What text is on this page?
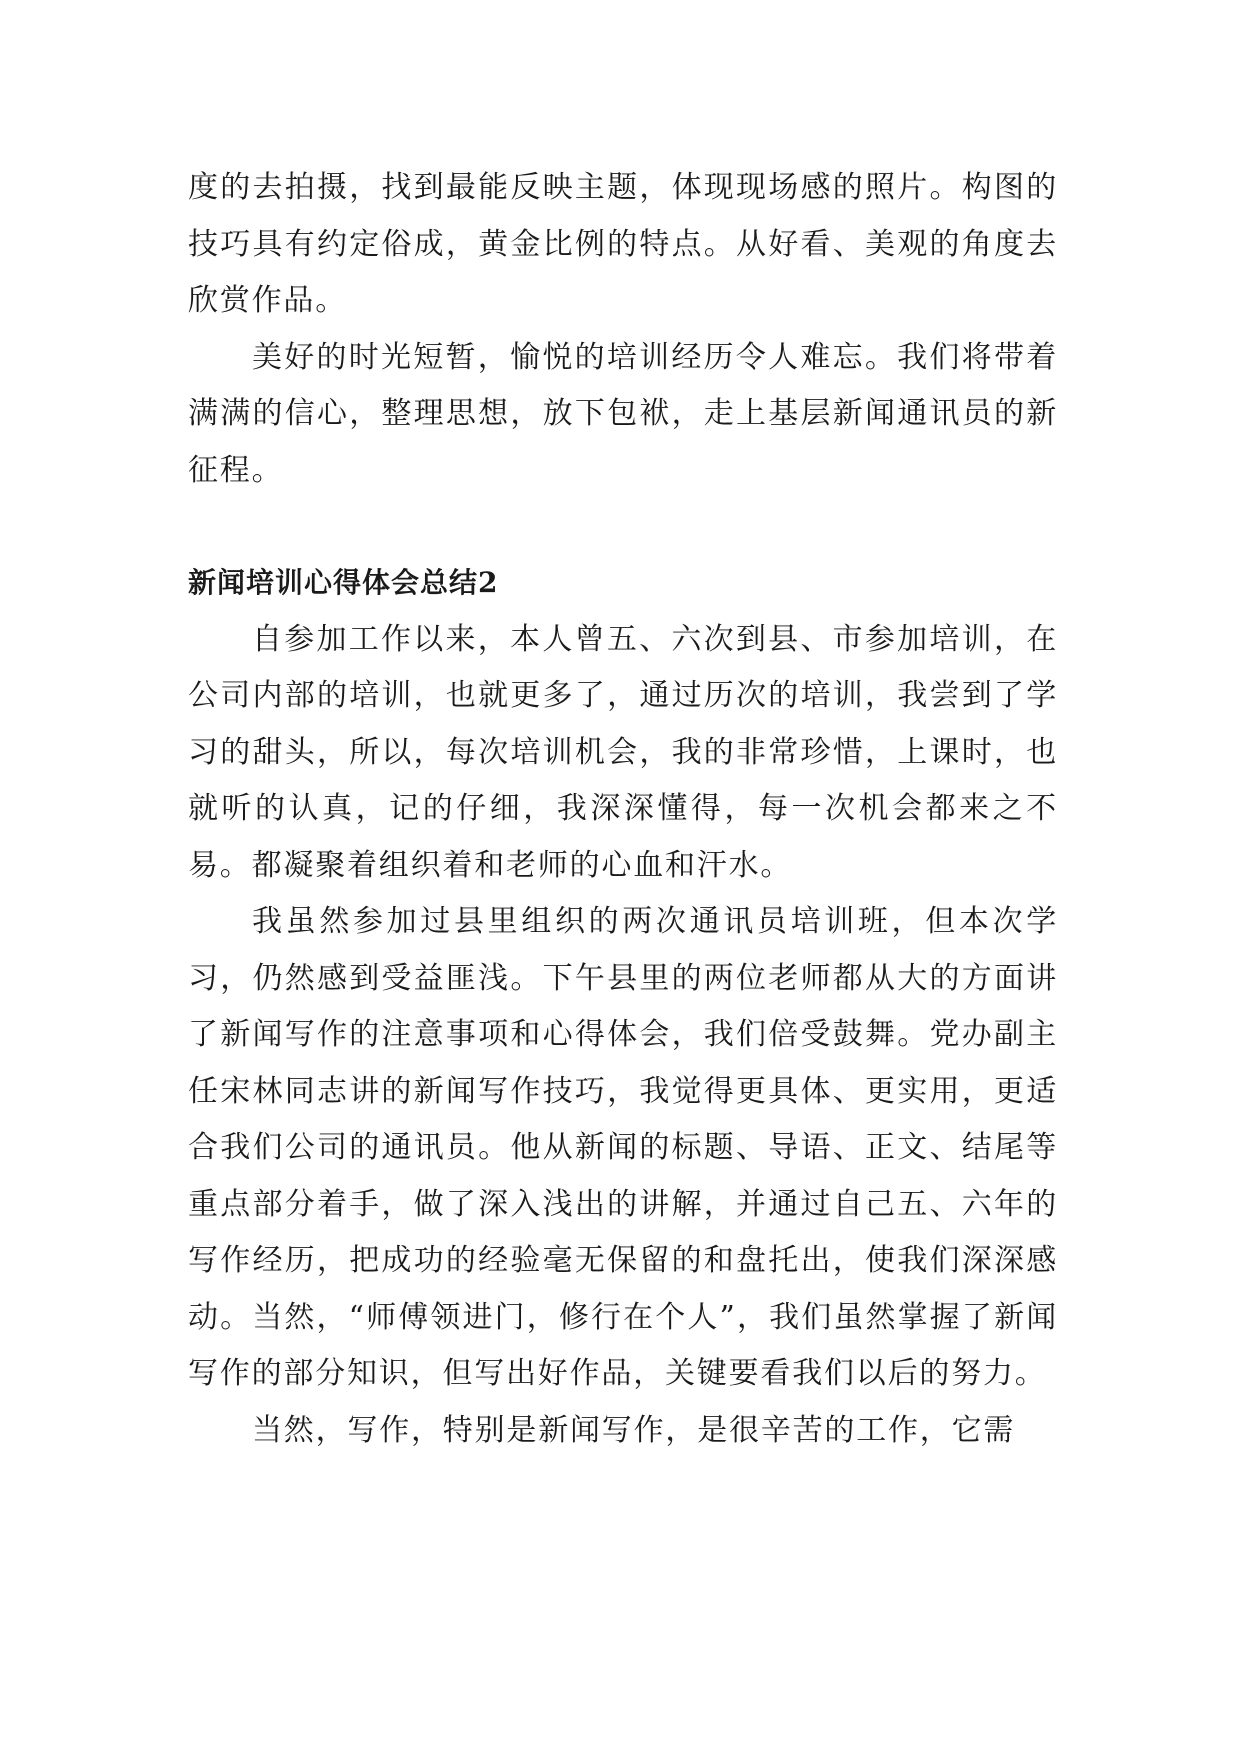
度的去拍摄，找到最能反映主题，体现现场感的照片。构图的技巧具有约定俗成，黄金比例的特点。从好看、美观的角度去欣赏作品。

美好的时光短暂，愉悦的培训经历令人难忘。我们将带着满满的信心，整理思想，放下包袱，走上基层新闻通讯员的新征程。

新闻培训心得体会总结2

自参加工作以来，本人曾五、六次到县、市参加培训，在公司内部的培训，也就更多了，通过历次的培训，我尝到了学习的甜头，所以，每次培训机会，我的非常珍惜，上课时，也就听的认真，记的仔细，我深深懂得，每一次机会都来之不易。都凝聚着组织着和老师的心血和汗水。

我虽然参加过县里组织的两次通讯员培训班，但本次学习，仍然感到受益匪浅。下午县里的两位老师都从大的方面讲了新闻写作的注意事项和心得体会，我们倍受鼓舞。党办副主任宋林同志讲的新闻写作技巧，我觉得更具体、更实用，更适合我们公司的通讯员。他从新闻的标题、导语、正文、结尾等重点部分着手，做了深入浅出的讲解，并通过自己五、六年的写作经历，把成功的经验毫无保留的和盘托出，使我们深深感动。当然，“师傅领进门，修行在个人”，我们虽然掌握了新闻写作的部分知识，但写出好作品，关键要看我们以后的努力。

当然，写作，特别是新闻写作，是很辛苦的工作，它需
